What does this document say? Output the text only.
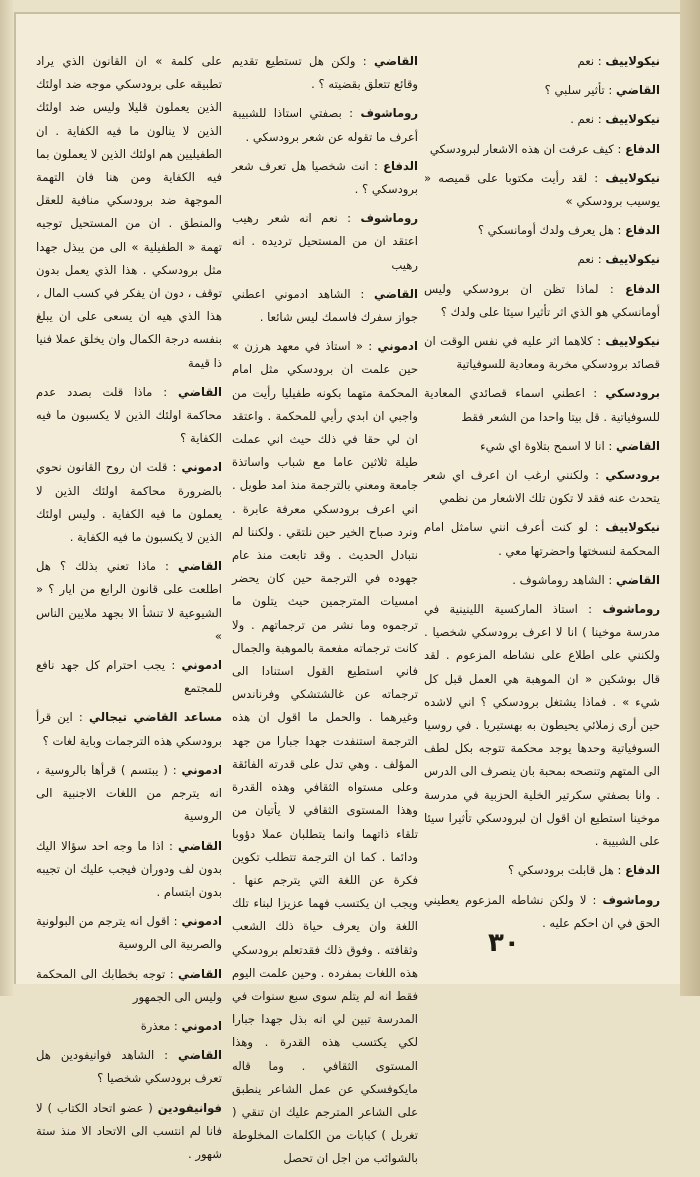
نيكولاييف : نعم

القاضي : تأثير سلبي ؟

نيكولاييف : نعم .

الدفاع : كيف عرفت ان هذه الاشعار لبرودسكي

نيكولاييف : لقد رأيت مكتوبا على قميصه « يوسيب برودسكي »

الدفاع : هل يعرف ولدك أومانسكي ؟

نيكولاييف : نعم

الدفاع : لماذا تظن ان برودسكي وليس أومانسكي هو الذي اثر تأثيرا سيئا على ولدك ؟

نيكولاييف : كلاهما اثر عليه في نفس الوقت ان قصائد برودسكي مخربة ومعادية للسوفياتية

برودسكي : اعطني اسماء قصائدي المعادية للسوفياتية . قل بيتا واحدا من الشعر فقط

القاضي : انا لا اسمح بتلاوة اي شيء

برودسكي : ولكنني ارغب ان اعرف اي شعر يتحدث عنه فقد لا تكون تلك الاشعار من نظمي

نيكولاييف : لو كنت أعرف انني سامثل امام المحكمة لنسختها واحضرتها معي .

القاضي : الشاهد روماشوف .

روماشوف : استاذ الماركسية اللينينية في مدرسة موخينا ) انا لا اعرف برودسكي شخصيا . ولكنني على اطلاع على نشاطه المزعوم . لقد قال بوشكين « ان الموهبة هي العمل قبل كل شيء » . فماذا يشتغل برودسكي ؟ اني لاشده حين أرى زملائي يحيطون به بهستيريا . في روسيا السوفياتية وحدها يوجد محكمة تتوجه بكل لطف الى المتهم وتنصحه بمحبة بان ينصرف الى الدرس . وانا بصفتي سكرتير الخلية الحزبية في مدرسة موخينا استطيع ان اقول ان لبرودسكي تأثيرا سيئا على الشبيبة .

الدفاع : هل قابلت برودسكي ؟

روماشوف : لا ولكن نشاطه المزعوم يعطيني الحق في ان احكم عليه .

القاضي : ولكن هل تستطيع تقديم وقائع تتعلق بقضيته ؟ .

روماشوف : بصفتي استاذا للشبيبة أعرف ما تقوله عن شعر برودسكي .

الدفاع : انت شخصيا هل تعرف شعر برودسكي ؟ .

روماشوف : نعم انه شعر رهيب اعتقد ان من المستحيل ترديده . انه رهيب

القاضي : الشاهد ادموني اعطني جواز سفرك فاسمك ليس شائعا .

ادموني : « استاذ في معهد هرزن » حين علمت ان برودسكي مثل امام المحكمة متهما بكونه طفيليا رأيت من واجبي ان ابدي رأيي للمحكمة . واعتقد ان لي حقا في ذلك حيث اني عملت طيلة ثلاثين عاما مع شباب واساتذة جامعة ومعني بالترجمة منذ امد طويل . اني اعرف برودسكي معرفة عابرة . ونرد صباح الخير حين نلتقي . ولكننا لم نتبادل الحديث . وقد تابعت منذ عام جهوده في الترجمة حين كان يحضر امسيات المترجمين حيث يتلون ما ترجموه وما نشر من ترجماتهم . ولا كانت ترجماته مفعمة بالموهبة والجمال فاني استطيع القول استنادا الى ترجماته عن غالشتشكي وفرناندس وغيرهما . والحمل ما اقول ان هذه الترجمة استنفدت جهدا جبارا من جهد المؤلف . وهي تدل على قدرته الفائقة وعلى مستواه الثقافي وهذه القدرة وهذا المستوى الثقافي لا يأتيان من تلقاء ذاتهما وانما يتطلبان عملا دؤوبا ودائما . كما ان الترجمة تتطلب تكوين فكرة عن اللغة التي يترجم عنها . ويجب ان يكتسب فهما عزيزا لبناء تلك اللغة وان يعرف حياة ذلك الشعب وثقافته . وفوق ذلك فقدتعلم برودسكي هذه اللغات بمفرده . وحين علمت اليوم فقط انه لم يتلم سوى سبع سنوات في المدرسة تبين لي انه بذل جهدا جبارا لكي يكتسب هذه القدرة . وهذا المستوى الثقافي . وما قاله مايكوفسكي عن عمل الشاعر ينطبق على الشاعر المترجم عليك ان تنقي ( تغربل ) كبابات من الكلمات المخلوطة بالشوائب من اجل ان تحصل

على كلمة » ان القانون الذي يراد تطبيقه على برودسكي موجه ضد اولئك الذين يعملون قليلا وليس ضد اولئك الذين لا ينالون ما فيه الكفاية . ان الطفيليين هم اولئك الذين لا يعملون بما فيه الكفاية ومن هنا فان التهمة الموجهة ضد برودسكي منافية للعقل والمنطق . ان من المستحيل توجيه تهمة « الطفيلية » الى من يبذل جهدا مثل برودسكي . هذا الذي يعمل بدون توقف ، دون ان يفكر في كسب المال ، هذا الذي هيه ان يسعى على ان يبلغ بنفسه درجة الكمال وان يخلق عملا فنيا ذا قيمة

القاضي : ماذا قلت بصدد عدم محاكمة اولئك الذين لا يكسبون ما فيه الكفاية ؟

ادموني : قلت ان روح القانون نحوي بالضرورة محاكمة اولئك الذين لا يعملون ما فيه الكفاية . وليس اولئك الذين لا يكسبون ما فيه الكفاية .

القاضي : ماذا تعني بذلك ؟ هل اطلعت على قانون الرابع من ايار ؟ « الشيوعية لا تنشأ الا بجهد ملايين الناس »

ادموني : يجب احترام كل جهد نافع للمجتمع

مساعد القاضي تيجالي : اين قرأ برودسكي هذه الترجمات وباية لغات ؟

ادموني : ( يبتسم ) قرأها بالروسية ، انه يترجم من اللغات الاجنبية الى الروسية

القاضي : اذا ما وجه احد سؤالا اليك بدون لف ودوران فيجب عليك ان تجيبه بدون ابتسام .

ادموني : اقول انه يترجم من البولونية والصربية الى الروسية

القاضي : توجه بخطابك الى المحكمة وليس الى الجمهور

ادموني : معذرة

القاضي : الشاهد فوانيفودين هل تعرف برودسكي شخصيا ؟

فوانيفودين ( عضو اتحاد الكتاب ) لا فانا لم انتسب الى الاتحاد الا منذ ستة شهور .

٣٠
